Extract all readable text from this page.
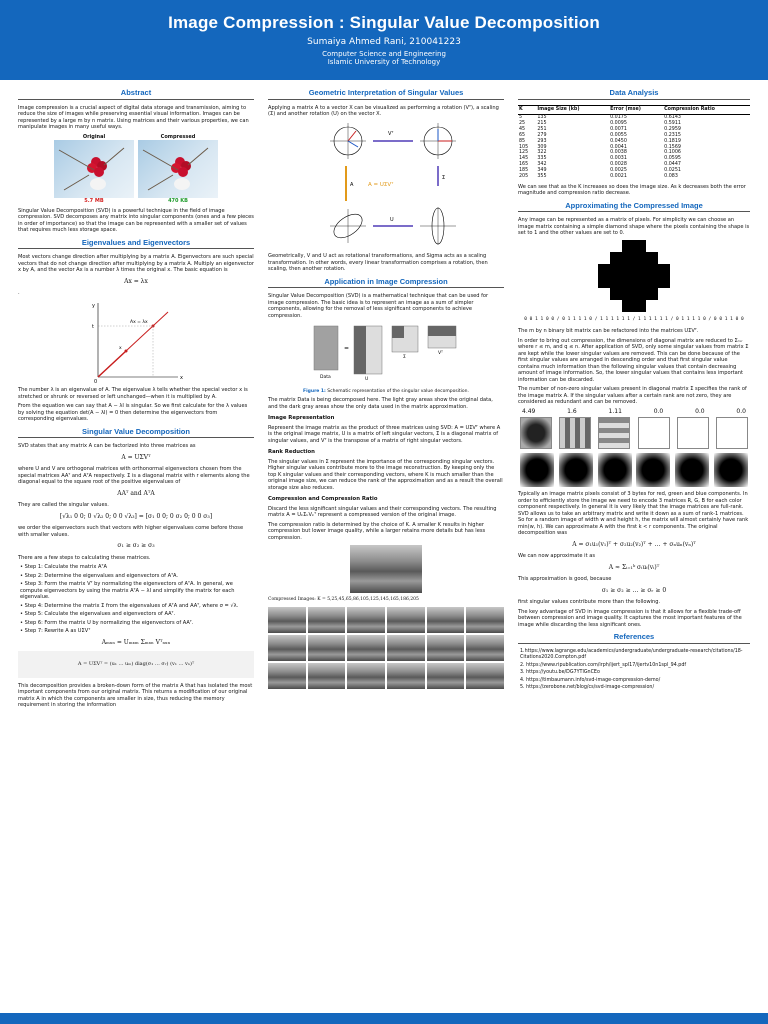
Image Compression : Singular Value Decomposition
Sumaiya Ahmed Rani, 210041223
Computer Science and Engineering
Islamic University of Technology
Abstract

Image compression is a crucial aspect of digital data storage and transmission, aiming to reduce the size of images while preserving essential visual information. Images can be represented by a large m by n matrix. Using matrices and their various properties, we can manipulate images in many useful ways.

Original
5.7 MB
Compressed
470 KB

Singular Value Decomposition (SVD) is a powerful technique in the field of image compression. SVD decomposes any matrix into singular components (ones and a few pieces in order of importance) so that the image can be represented with a smaller set of values that requires much less storage space.

Eigenvalues and Eigenvectors

Most vectors change direction after multiplying by a matrix A. Eigenvectors are such special vectors that do not change direction after multiplying by a matrix A. Multiply an eigenvector x by A, and the vector Ax is a number λ times the original x. The basic equation is

Ax = λx
.
y
x
t
0
Ax = λx
x

The number λ is an eigenvalue of A. The eigenvalue λ tells whether the special vector x is stretched or shrunk or reversed or left unchanged—when it is multiplied by A.

From the equation we can say that A − λI is singular. So we first calculate for the λ values by solving the equation det(A − λI) = 0 then determine the eigenvectors from corresponding eigenvalues.

Singular Value Decomposition

SVD states that any matrix A can be factorized into three matrices as

A = UΣVᵀ

where U and V are orthogonal matrices with orthonormal eigenvectors chosen from the special matrices AAᵀ and AᵀA respectively. Σ is a diagonal matrix with r elements along the diagonal equal to the square root of the positive eigenvalues of

AAᵀ and AᵀA

They are called the singular values.

[√λ₁ 0 0; 0 √λ₂ 0; 0 0 √λ₃] = [σ₁ 0 0; 0 σ₂ 0; 0 0 σ₃]

we order the eigenvectors such that vectors with higher eigenvalues come before those with smaller values.

σ₁ ≥ σ₂ ≥ σ₃

There are a few steps to calculating these matrices.

• Step 1: Calculate the matrix AᵀA
• Step 2: Determine the eigenvalues and eigenvectors of AᵀA.
• Step 3: Form the matrix Vᵀ by normalizing the eigenvectors of AᵀA. In general, we compute eigenvectors by using the matrix AᵀA − λI and simplify the matrix for each eigenvalue.
• Step 4: Determine the matrix Σ from the eigenvalues of AᵀA and AAᵀ, where σ = √λ.
• Step 5: Calculate the eigenvalues and eigenvectors of AAᵀ.
• Step 6: Form the matrix U by normalizing the eigenvectors of AAᵀ.
• Step 7: Rewrite A as UΣVᵀ
Aₘₓₙ = Uₘₓₘ Σₘₓₙ Vᵀₙₓₙ
A = UΣVᵀ = (u₁ … uₘ) diag(σ₁ … σᵣ) (v₁ … vₙ)ᵀ

This decomposition provides a broken-down form of the matrix A that has isolated the most important components from our original matrix. This returns a modification of our original matrix A in which the components are smaller in size, thus reducing the memory requirement in storing the information

Geometric Interpretation of Singular Values

Applying a matrix A to a vector X can be visualized as performing a rotation (Vᵀ), a scaling (Σ) and another rotation (U) on the vector X.

Vᵀ
A	A = UΣVᵀ
Σ
U

Geometrically, V and U act as rotational transformations, and Sigma acts as a scaling transformation. In other words, every linear transformation comprises a rotation, then scaling, then another rotation.

Application in Image Compression

Singular Value Decomposition (SVD) is a mathematical technique that can be used for image compression. The basic idea is to represent an image as a sum of simpler components, allowing for the removal of less significant components to achieve compression.

=
Data	U
Σ
Vᵀ
Figure 1: Schematic representation of the singular value decomposition.

The matrix Data is being decomposed here. The light gray areas show the original data, and the dark gray areas show the only data used in the matrix approximation.

Image Representation

Represent the image matrix as the product of three matrices using SVD: A = UΣVᵀ where A is the original image matrix, U is a matrix of left singular vectors, Σ is a diagonal matrix of singular values, and Vᵀ is the transpose of a matrix of right singular vectors.

Rank Reduction

The singular values in Σ represent the importance of the corresponding singular vectors. Higher singular values contribute more to the image reconstruction. By keeping only the top K singular values and their corresponding vectors, where K is much smaller than the original image size, we can reduce the rank of the approximation and as a result the overall storage size also reduces.

Compression and Compression Ratio

Discard the less significant singular values and their corresponding vectors. The resulting matrix A = UₖΣₖVₖᵀ represent a compressed version of the original image.

The compression ratio is determined by the choice of K. A smaller K results in higher compression but lower image quality, while a larger retains more details but has less compression.

Compressed Images: K = 5,25,45,65,86,105,125,145,165,186,205
Data Analysis
K	Image Size (kb)	Error (mse)	Compression Ratio
5	135	0.0175	0.6143
25	215	0.0095	0.5911
45	251	0.0071	0.2959
65	279	0.0055	0.2315
85	293	0.0450	0.1819
105	309	0.0041	0.1569
125	322	0.0038	0.1006
145	335	0.0031	0.0595
165	342	0.0028	0.0447
185	349	0.0025	0.0251
205	355	0.0021	0.083

We can see that as the K increases so does the image size. As k decreases both the error magnitude and compression ratio decrease.

Approximating the Compressed Image

Any image can be represented as a matrix of pixels. For simplicity we can choose an image matrix containing a simple diamond shape where the pixels containing the shape is set to 1 and the other values are set to 0.

0 0 1 1 0 0 / 0 1 1 1 1 0 / 1 1 1 1 1 1 / 1 1 1 1 1 1 / 0 1 1 1 1 0 / 0 0 1 1 0 0

The m by n binary bit matrix can be refactored into the matrices UΣVᵀ.

In order to bring out compression, the dimensions of diagonal matrix are reduced to Σᵣₓᵣ where r ≤ m, and q ≤ n. After application of SVD, only some singular values from matrix Σ are kept while the lower singular values are removed. This can be done because of the first singular values are arranged in descending order and that first singular value contains much information than the following singular values that contain decreasing amount of image information. So, the lower singular values that contains less important information can be discarded.

The number of non-zero singular values present in diagonal matrix Σ specifies the rank of the image matrix A. If the singular values after a certain rank are not zero, they are considered as redundant and can be removed.

4.49	1.6	1.11	0.0	0.0	0.0

Typically an image matrix pixels consist of 3 bytes for red, green and blue components. In order to efficiently store the image we need to encode 3 matrices R, G, B for each color component respectively. In general it is very likely that the image matrices are full-rank. SVD allows us to take an arbitrary matrix and write it down as a sum of rank-1 matrices. So for a random image of width w and height h, the matrix will almost certainly have rank min(w, h). We can approximate A with the first k < r components. The original decomposition was

A = σ₁u₁(v₁)ᵀ + σ₂u₂(v₂)ᵀ + … + σₙuₙ(vₙ)ᵀ

We can now approximate it as

A ≈ Σᵢ₌₁ᵏ σᵢuᵢ(vᵢ)ᵀ

This approximation is good, because

σ₁ ≥ σ₂ ≥ … ≥ σᵣ ≥ 0

first singular values contribute more than the following.

The key advantage of SVD in image compression is that it allows for a flexible trade-off between compression and image quality. It captures the most important features of the image while discarding the less significant ones.

References
1.https://www.lagrange.edu/academics/undergraduate/undergraduate-research/citations/18-Citations2020.Compton.pdf
2. https://www.ripublication.com/irph/ijert_spl17/ijertv10n1spl_94.pdf
3. https://youtu.be/DG7YTlGnCEo
4. https://timbaumann.info/svd-image-compression-demo/
5. https://zerobone.net/blog/cs/svd-image-compression/
